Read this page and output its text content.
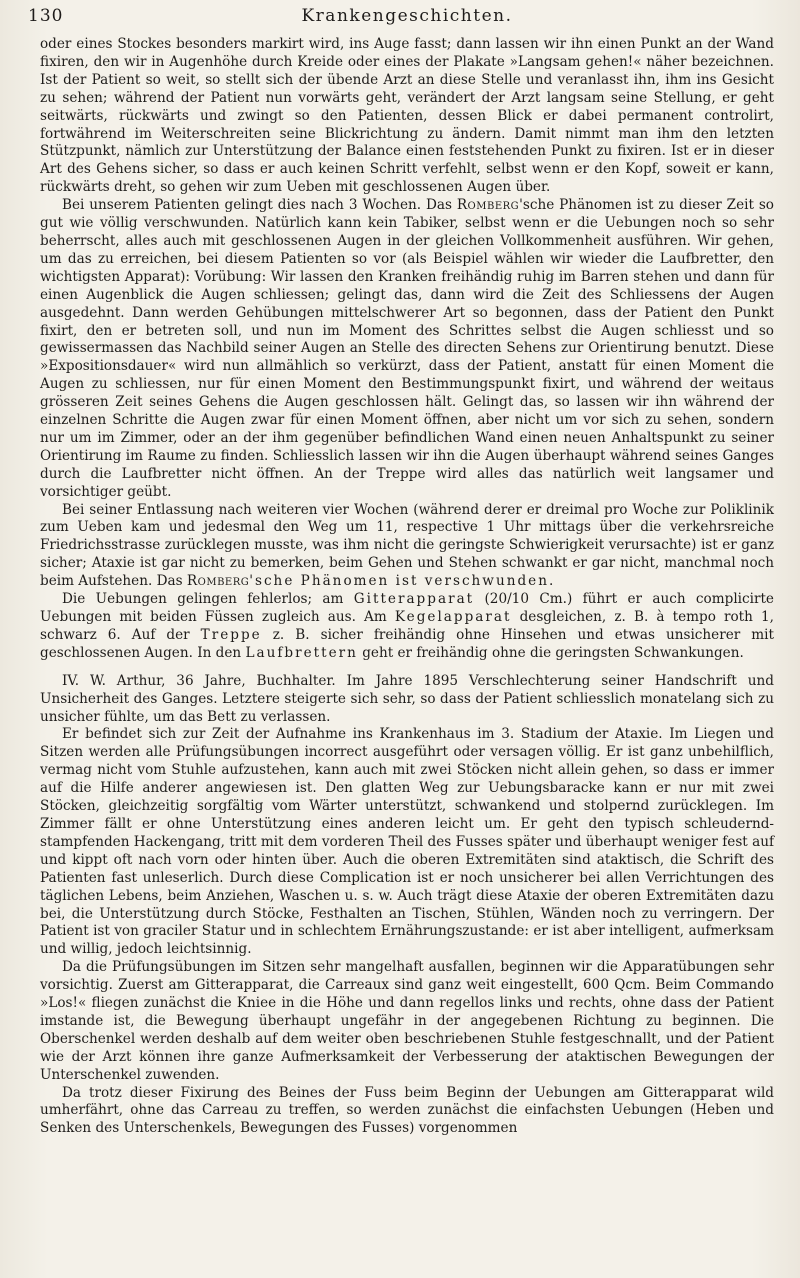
130	Krankengeschichten.

oder eines Stockes besonders markirt wird, ins Auge fasst; dann lassen wir ihn einen Punkt an der Wand fixiren, den wir in Augenhöhe durch Kreide oder eines der Plakate »Langsam gehen!« näher bezeichnen. Ist der Patient so weit, so stellt sich der übende Arzt an diese Stelle und veranlasst ihn, ihm ins Gesicht zu sehen; während der Patient nun vorwärts geht, verändert der Arzt langsam seine Stellung, er geht seitwärts, rückwärts und zwingt so den Patienten, dessen Blick er dabei permanent controlirt, fortwährend im Weiterschreiten seine Blickrichtung zu ändern. Damit nimmt man ihm den letzten Stützpunkt, nämlich zur Unterstützung der Balance einen feststehenden Punkt zu fixiren. Ist er in dieser Art des Gehens sicher, so dass er auch keinen Schritt verfehlt, selbst wenn er den Kopf, soweit er kann, rückwärts dreht, so gehen wir zum Ueben mit geschlossenen Augen über.

Bei unserem Patienten gelingt dies nach 3 Wochen. Das Romberg'sche Phänomen ist zu dieser Zeit so gut wie völlig verschwunden. Natürlich kann kein Tabiker, selbst wenn er die Uebungen noch so sehr beherrscht, alles auch mit geschlossenen Augen in der gleichen Vollkommenheit ausführen. Wir gehen, um das zu erreichen, bei diesem Patienten so vor (als Beispiel wählen wir wieder die Laufbretter, den wichtigsten Apparat): Vorübung: Wir lassen den Kranken freihändig ruhig im Barren stehen und dann für einen Augenblick die Augen schliessen; gelingt das, dann wird die Zeit des Schliessens der Augen ausgedehnt. Dann werden Gehübungen mittelschwerer Art so begonnen, dass der Patient den Punkt fixirt, den er betreten soll, und nun im Moment des Schrittes selbst die Augen schliesst und so gewissermassen das Nachbild seiner Augen an Stelle des directen Sehens zur Orientirung benutzt. Diese »Expositionsdauer« wird nun allmählich so verkürzt, dass der Patient, anstatt für einen Moment die Augen zu schliessen, nur für einen Moment den Bestimmungspunkt fixirt, und während der weitaus grösseren Zeit seines Gehens die Augen geschlossen hält. Gelingt das, so lassen wir ihn während der einzelnen Schritte die Augen zwar für einen Moment öffnen, aber nicht um vor sich zu sehen, sondern nur um im Zimmer, oder an der ihm gegenüber befindlichen Wand einen neuen Anhaltspunkt zu seiner Orientirung im Raume zu finden. Schliesslich lassen wir ihn die Augen überhaupt während seines Ganges durch die Laufbretter nicht öffnen. An der Treppe wird alles das natürlich weit langsamer und vorsichtiger geübt.

Bei seiner Entlassung nach weiteren vier Wochen (während derer er dreimal pro Woche zur Poliklinik zum Ueben kam und jedesmal den Weg um 11, respective 1 Uhr mittags über die verkehrsreiche Friedrichsstrasse zurücklegen musste, was ihm nicht die geringste Schwierigkeit verursachte) ist er ganz sicher; Ataxie ist gar nicht zu bemerken, beim Gehen und Stehen schwankt er gar nicht, manchmal noch beim Aufstehen. Das Romberg'sche Phänomen ist verschwunden.

Die Uebungen gelingen fehlerlos; am Gitterapparat (20/10 Cm.) führt er auch complicirte Uebungen mit beiden Füssen zugleich aus. Am Kegelapparat desgleichen, z. B. à tempo roth 1, schwarz 6. Auf der Treppe z. B. sicher freihändig ohne Hinsehen und etwas unsicherer mit geschlossenen Augen. In den Laufbrettern geht er freihändig ohne die geringsten Schwankungen.

IV. W. Arthur, 36 Jahre, Buchhalter. Im Jahre 1895 Verschlechterung seiner Handschrift und Unsicherheit des Ganges. Letztere steigerte sich sehr, so dass der Patient schliesslich monatelang sich zu unsicher fühlte, um das Bett zu verlassen.

Er befindet sich zur Zeit der Aufnahme ins Krankenhaus im 3. Stadium der Ataxie. Im Liegen und Sitzen werden alle Prüfungsübungen incorrect ausgeführt oder versagen völlig. Er ist ganz unbehilflich, vermag nicht vom Stuhle aufzustehen, kann auch mit zwei Stöcken nicht allein gehen, so dass er immer auf die Hilfe anderer angewiesen ist. Den glatten Weg zur Uebungsbaracke kann er nur mit zwei Stöcken, gleichzeitig sorgfältig vom Wärter unterstützt, schwankend und stolpernd zurücklegen. Im Zimmer fällt er ohne Unterstützung eines anderen leicht um. Er geht den typisch schleudernd-stampfenden Hackengang, tritt mit dem vorderen Theil des Fusses später und überhaupt weniger fest auf und kippt oft nach vorn oder hinten über. Auch die oberen Extremitäten sind ataktisch, die Schrift des Patienten fast unleserlich. Durch diese Complication ist er noch unsicherer bei allen Verrichtungen des täglichen Lebens, beim Anziehen, Waschen u. s. w. Auch trägt diese Ataxie der oberen Extremitäten dazu bei, die Unterstützung durch Stöcke, Festhalten an Tischen, Stühlen, Wänden noch zu verringern. Der Patient ist von graciler Statur und in schlechtem Ernährungszustande: er ist aber intelligent, aufmerksam und willig, jedoch leichtsinnig.

Da die Prüfungsübungen im Sitzen sehr mangelhaft ausfallen, beginnen wir die Apparatübungen sehr vorsichtig. Zuerst am Gitterapparat, die Carreaux sind ganz weit eingestellt, 600 Qcm. Beim Commando »Los!« fliegen zunächst die Kniee in die Höhe und dann regellos links und rechts, ohne dass der Patient imstande ist, die Bewegung überhaupt ungefähr in der angegebenen Richtung zu beginnen. Die Oberschenkel werden deshalb auf dem weiter oben beschriebenen Stuhle festgeschnallt, und der Patient wie der Arzt können ihre ganze Aufmerksamkeit der Verbesserung der ataktischen Bewegungen der Unterschenkel zuwenden.

Da trotz dieser Fixirung des Beines der Fuss beim Beginn der Uebungen am Gitterapparat wild umherfährt, ohne das Carreau zu treffen, so werden zunächst die einfachsten Uebungen (Heben und Senken des Unterschenkels, Bewegungen des Fusses) vorgenommen
